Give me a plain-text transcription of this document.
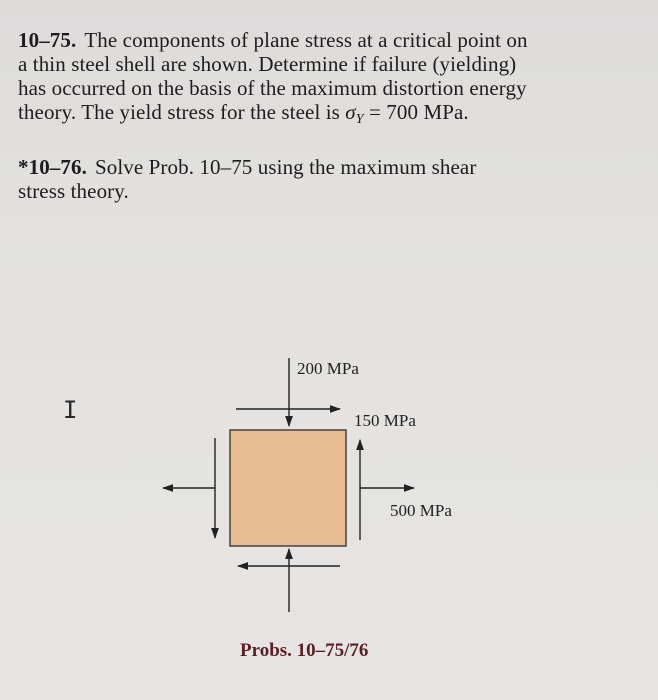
10–75. The components of plane stress at a critical point on
a thin steel shell are shown. Determine if failure (yielding)
has occurred on the basis of the maximum distortion energy
theory. The yield stress for the steel is $\sigma_Y = 700$ MPa.
*10–76. Solve Prob. 10–75 using the maximum shear
stress theory.
I
200 MPa
150 MPa
500 MPa
Probs. 10–75/76
